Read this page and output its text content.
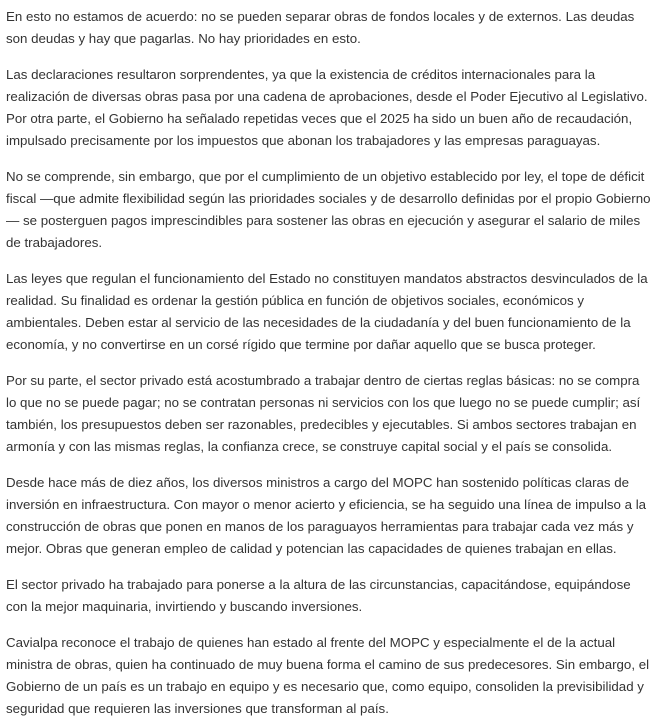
En esto no estamos de acuerdo: no se pueden separar obras de fondos locales y de externos. Las deudas son deudas y hay que pagarlas. No hay prioridades en esto.

Las declaraciones resultaron sorprendentes, ya que la existencia de créditos internacionales para la realización de diversas obras pasa por una cadena de aprobaciones, desde el Poder Ejecutivo al Legislativo. Por otra parte, el Gobierno ha señalado repetidas veces que el 2025 ha sido un buen año de recaudación, impulsado precisamente por los impuestos que abonan los trabajadores y las empresas paraguayas.

No se comprende, sin embargo, que por el cumplimiento de un objetivo establecido por ley, el tope de déficit fiscal —que admite flexibilidad según las prioridades sociales y de desarrollo definidas por el propio Gobierno— se posterguen pagos imprescindibles para sostener las obras en ejecución y asegurar el salario de miles de trabajadores.

Las leyes que regulan el funcionamiento del Estado no constituyen mandatos abstractos desvinculados de la realidad. Su finalidad es ordenar la gestión pública en función de objetivos sociales, económicos y ambientales. Deben estar al servicio de las necesidades de la ciudadanía y del buen funcionamiento de la economía, y no convertirse en un corsé rígido que termine por dañar aquello que se busca proteger.

Por su parte, el sector privado está acostumbrado a trabajar dentro de ciertas reglas básicas: no se compra lo que no se puede pagar; no se contratan personas ni servicios con los que luego no se puede cumplir; así también, los presupuestos deben ser razonables, predecibles y ejecutables. Si ambos sectores trabajan en armonía y con las mismas reglas, la confianza crece, se construye capital social y el país se consolida.

Desde hace más de diez años, los diversos ministros a cargo del MOPC han sostenido políticas claras de inversión en infraestructura. Con mayor o menor acierto y eficiencia, se ha seguido una línea de impulso a la construcción de obras que ponen en manos de los paraguayos herramientas para trabajar cada vez más y mejor. Obras que generan empleo de calidad y potencian las capacidades de quienes trabajan en ellas.

El sector privado ha trabajado para ponerse a la altura de las circunstancias, capacitándose, equipándose con la mejor maquinaria, invirtiendo y buscando inversiones.

Cavialpa reconoce el trabajo de quienes han estado al frente del MOPC y especialmente el de la actual ministra de obras, quien ha continuado de muy buena forma el camino de sus predecesores. Sin embargo, el Gobierno de un país es un trabajo en equipo y es necesario que, como equipo, consoliden la previsibilidad y seguridad que requieren las inversiones que transforman al país.
